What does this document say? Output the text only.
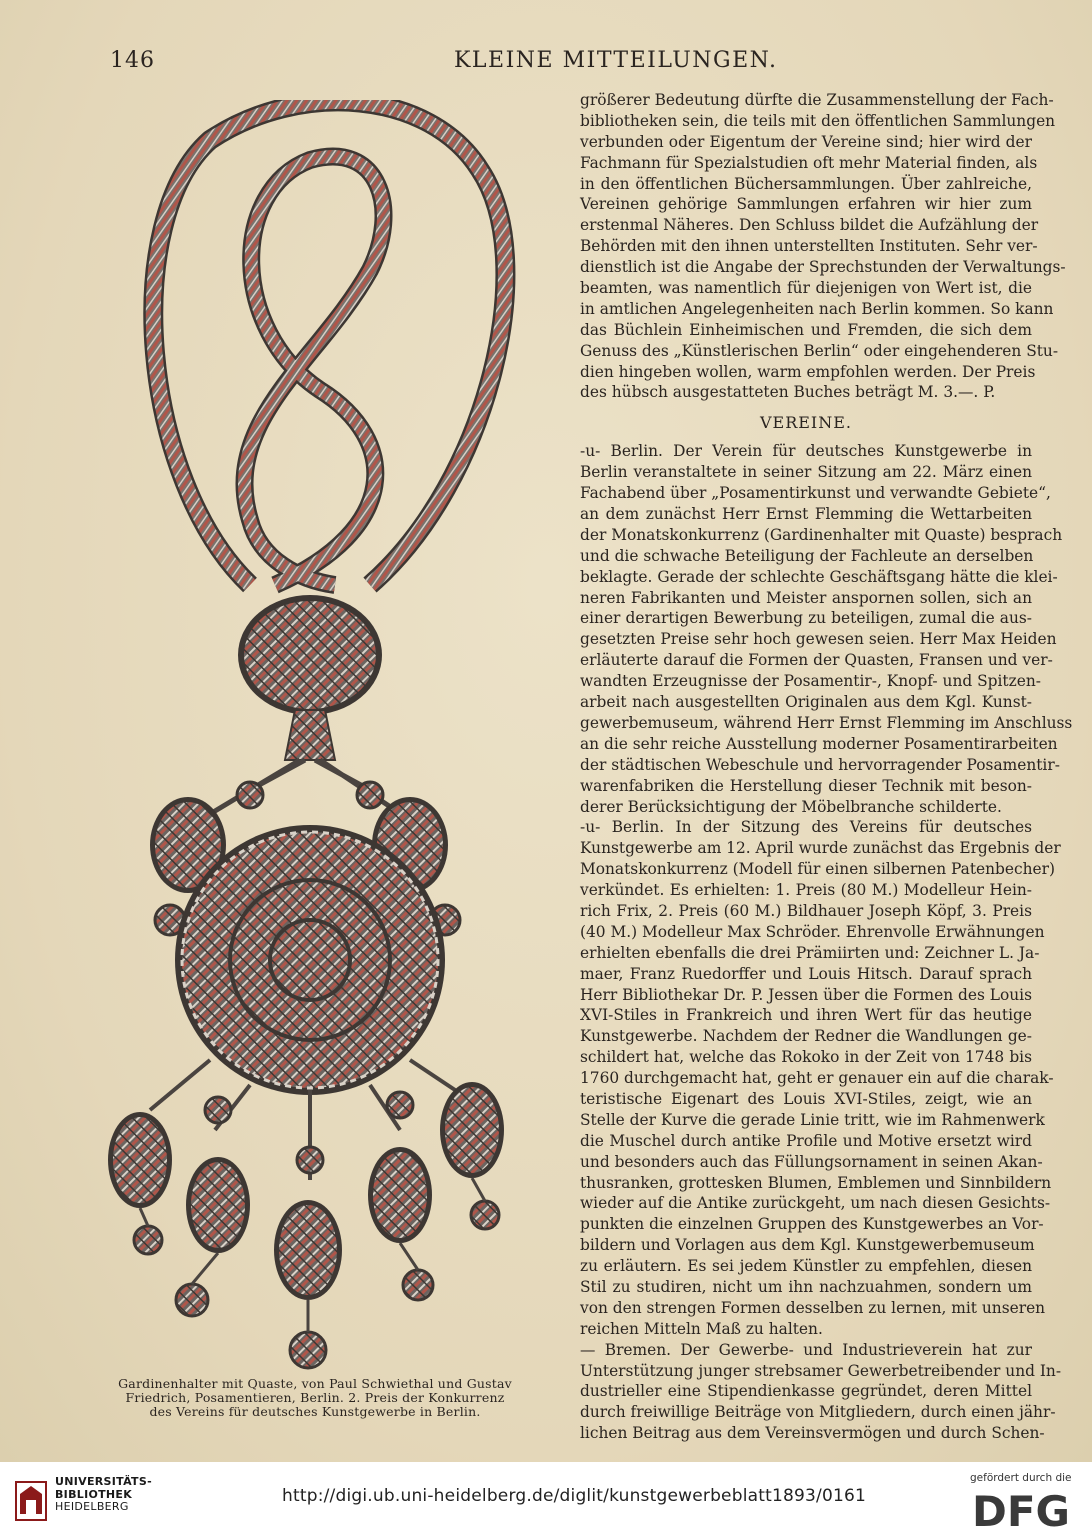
146	KLEINE MITTEILUNGEN.
Gardinenhalter mit Quaste, von Paul Schwiethal und Gustav
Friedrich, Posamentieren, Berlin. 2. Preis der Konkurrenz
des Vereins für deutsches Kunstgewerbe in Berlin.
größerer Bedeutung dürfte die Zusammenstellung der Fach-
bibliotheken sein, die teils mit den öffentlichen Sammlungen
verbunden oder Eigentum der Vereine sind; hier wird der
Fachmann für Spezialstudien oft mehr Material finden, als
in den öffentlichen Büchersammlungen. Über zahlreiche,
Vereinen gehörige Sammlungen erfahren wir hier zum
erstenmal Näheres. Den Schluss bildet die Aufzählung der
Behörden mit den ihnen unterstellten Instituten. Sehr ver-
dienstlich ist die Angabe der Sprechstunden der Verwaltungs-
beamten, was namentlich für diejenigen von Wert ist, die
in amtlichen Angelegenheiten nach Berlin kommen. So kann
das Büchlein Einheimischen und Fremden, die sich dem
Genuss des „Künstlerischen Berlin“ oder eingehenderen Stu-
dien hingeben wollen, warm empfohlen werden. Der Preis
des hübsch ausgestatteten Buches beträgt M. 3.—. P.
VEREINE.
-u- Berlin. Der Verein für deutsches Kunstgewerbe in
Berlin veranstaltete in seiner Sitzung am 22. März einen
Fachabend über „Posamentirkunst und verwandte Gebiete“,
an dem zunächst Herr Ernst Flemming die Wettarbeiten
der Monatskonkurrenz (Gardinenhalter mit Quaste) besprach
und die schwache Beteiligung der Fachleute an derselben
beklagte. Gerade der schlechte Geschäftsgang hätte die klei-
neren Fabrikanten und Meister anspornen sollen, sich an
einer derartigen Bewerbung zu beteiligen, zumal die aus-
gesetzten Preise sehr hoch gewesen seien. Herr Max Heiden
erläuterte darauf die Formen der Quasten, Fransen und ver-
wandten Erzeugnisse der Posamentir-, Knopf- und Spitzen-
arbeit nach ausgestellten Originalen aus dem Kgl. Kunst-
gewerbemuseum, während Herr Ernst Flemming im Anschluss
an die sehr reiche Ausstellung moderner Posamentirarbeiten
der städtischen Webeschule und hervorragender Posamentir-
warenfabriken die Herstellung dieser Technik mit beson-
derer Berücksichtigung der Möbelbranche schilderte.
-u- Berlin. In der Sitzung des Vereins für deutsches
Kunstgewerbe am 12. April wurde zunächst das Ergebnis der
Monatskonkurrenz (Modell für einen silbernen Patenbecher)
verkündet. Es erhielten: 1. Preis (80 M.) Modelleur Hein-
rich Frix, 2. Preis (60 M.) Bildhauer Joseph Köpf, 3. Preis
(40 M.) Modelleur Max Schröder. Ehrenvolle Erwähnungen
erhielten ebenfalls die drei Prämiirten und: Zeichner L. Ja-
maer, Franz Ruedorffer und Louis Hitsch. Darauf sprach
Herr Bibliothekar Dr. P. Jessen über die Formen des Louis
XVI-Stiles in Frankreich und ihren Wert für das heutige
Kunstgewerbe. Nachdem der Redner die Wandlungen ge-
schildert hat, welche das Rokoko in der Zeit von 1748 bis
1760 durchgemacht hat, geht er genauer ein auf die charak-
teristische Eigenart des Louis XVI-Stiles, zeigt, wie an
Stelle der Kurve die gerade Linie tritt, wie im Rahmenwerk
die Muschel durch antike Profile und Motive ersetzt wird
und besonders auch das Füllungsornament in seinen Akan-
thusranken, grottesken Blumen, Emblemen und Sinnbildern
wieder auf die Antike zurückgeht, um nach diesen Gesichts-
punkten die einzelnen Gruppen des Kunstgewerbes an Vor-
bildern und Vorlagen aus dem Kgl. Kunstgewerbemuseum
zu erläutern. Es sei jedem Künstler zu empfehlen, diesen
Stil zu studiren, nicht um ihn nachzuahmen, sondern um
von den strengen Formen desselben zu lernen, mit unseren
reichen Mitteln Maß zu halten.
— Bremen. Der Gewerbe- und Industrieverein hat zur
Unterstützung junger strebsamer Gewerbetreibender und In-
dustrieller eine Stipendienkasse gegründet, deren Mittel
durch freiwillige Beiträge von Mitgliedern, durch einen jähr-
lichen Beitrag aus dem Vereinsvermögen und durch Schen-
UNIVERSITÄTS-
BIBLIOTHEK
HEIDELBERG
http://digi.ub.uni-heidelberg.de/diglit/kunstgewerbeblatt1893/0161
gefördert durch die
DFG
